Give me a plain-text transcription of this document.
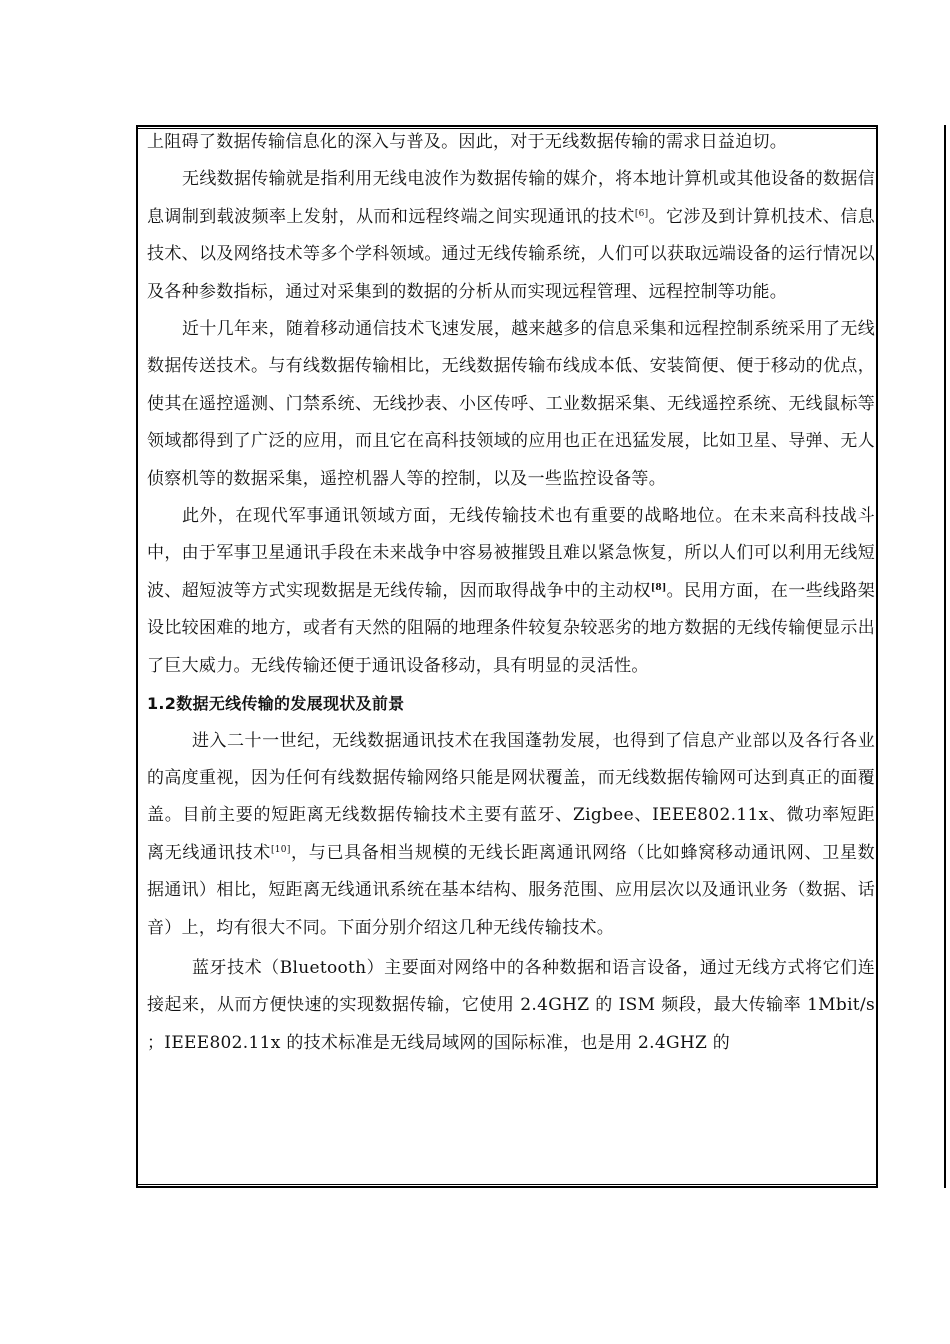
上阻碍了数据传输信息化的深入与普及。因此，对于无线数据传输的需求日益迫切。

无线数据传输就是指利用无线电波作为数据传输的媒介，将本地计算机或其他设备的数据信息调制到载波频率上发射，从而和远程终端之间实现通讯的技术[6]。它涉及到计算机技术、信息技术、以及网络技术等多个学科领域。通过无线传输系统，人们可以获取远端设备的运行情况以及各种参数指标，通过对采集到的数据的分析从而实现远程管理、远程控制等功能。

近十几年来，随着移动通信技术飞速发展，越来越多的信息采集和远程控制系统采用了无线数据传送技术。与有线数据传输相比，无线数据传输布线成本低、安装简便、便于移动的优点，使其在遥控遥测、门禁系统、无线抄表、小区传呼、工业数据采集、无线遥控系统、无线鼠标等领域都得到了广泛的应用，而且它在高科技领域的应用也正在迅猛发展，比如卫星、导弹、无人侦察机等的数据采集，遥控机器人等的控制，以及一些监控设备等。

此外，在现代军事通讯领域方面，无线传输技术也有重要的战略地位。在未来高科技战斗中，由于军事卫星通讯手段在未来战争中容易被摧毁且难以紧急恢复，所以人们可以利用无线短波、超短波等方式实现数据是无线传输，因而取得战争中的主动权[8]。民用方面，在一些线路架设比较困难的地方，或者有天然的阻隔的地理条件较复杂较恶劣的地方数据的无线传输便显示出了巨大威力。无线传输还便于通讯设备移动，具有明显的灵活性。

1.2数据无线传输的发展现状及前景

进入二十一世纪，无线数据通讯技术在我国蓬勃发展，也得到了信息产业部以及各行各业的高度重视，因为任何有线数据传输网络只能是网状覆盖，而无线数据传输网可达到真正的面覆盖。目前主要的短距离无线数据传输技术主要有蓝牙、Zigbee、IEEE802.11x、微功率短距离无线通讯技术[10]，与已具备相当规模的无线长距离通讯网络（比如蜂窝移动通讯网、卫星数据通讯）相比，短距离无线通讯系统在基本结构、服务范围、应用层次以及通讯业务（数据、话音）上，均有很大不同。下面分别介绍这几种无线传输技术。

蓝牙技术（Bluetooth）主要面对网络中的各种数据和语言设备，通过无线方式将它们连接起来，从而方便快速的实现数据传输，它使用 2.4GHZ 的 ISM 频段，最大传输率 1Mbit/s ；IEEE802.11x 的技术标准是无线局域网的国际标准，也是用 2.4GHZ 的
